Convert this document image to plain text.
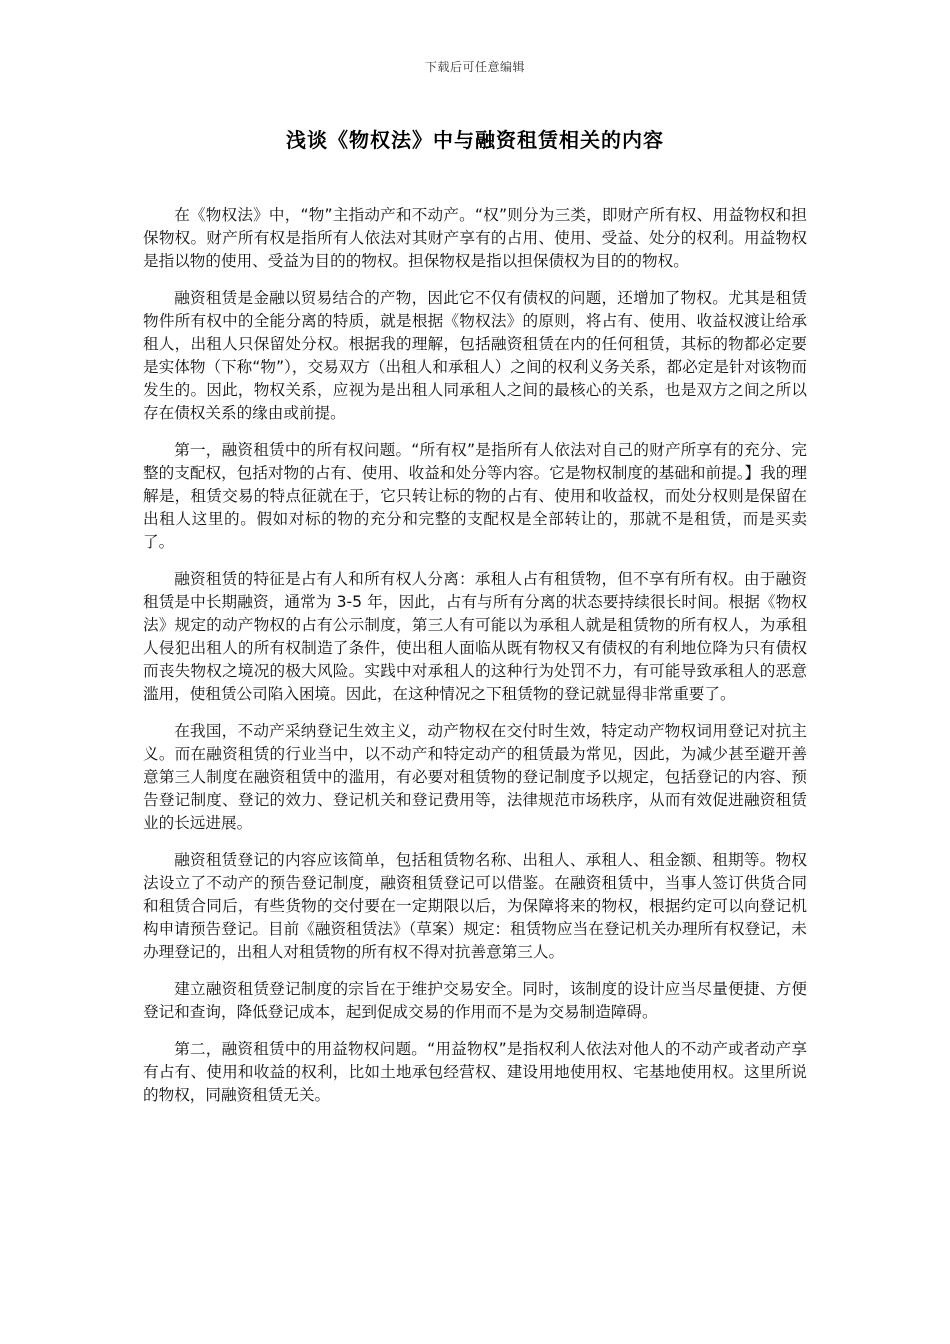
下载后可任意编辑
浅谈《物权法》中与融资租赁相关的内容

在《物权法》中，“物”主指动产和不动产。“权”则分为三类，即财产所有权、用益物权和担保物权。财产所有权是指所有人依法对其财产享有的占用、使用、受益、处分的权利。用益物权是指以物的使用、受益为目的的物权。担保物权是指以担保债权为目的的物权。

融资租赁是金融以贸易结合的产物，因此它不仅有债权的问题，还增加了物权。尤其是租赁物件所有权中的全能分离的特质，就是根据《物权法》的原则，将占有、使用、收益权渡让给承租人，出租人只保留处分权。根据我的理解，包括融资租赁在内的任何租赁，其标的物都必定要是实体物（下称“物”），交易双方（出租人和承租人）之间的权利义务关系，都必定是针对该物而发生的。因此，物权关系，应视为是出租人同承租人之间的最核心的关系，也是双方之间之所以存在债权关系的缘由或前提。

第一，融资租赁中的所有权问题。“所有权”是指所有人依法对自己的财产所享有的充分、完整的支配权，包括对物的占有、使用、收益和处分等内容。它是物权制度的基础和前提。】我的理解是，租赁交易的特点征就在于，它只转让标的物的占有、使用和收益权，而处分权则是保留在出租人这里的。假如对标的物的充分和完整的支配权是全部转让的，那就不是租赁，而是买卖了。

融资租赁的特征是占有人和所有权人分离：承租人占有租赁物，但不享有所有权。由于融资租赁是中长期融资，通常为 3-5 年，因此，占有与所有分离的状态要持续很长时间。根据《物权法》规定的动产物权的占有公示制度，第三人有可能以为承租人就是租赁物的所有权人，为承租人侵犯出租人的所有权制造了条件，使出租人面临从既有物权又有债权的有利地位降为只有债权而丧失物权之境况的极大风险。实践中对承租人的这种行为处罚不力，有可能导致承租人的恶意滥用，使租赁公司陷入困境。因此，在这种情况之下租赁物的登记就显得非常重要了。

在我国，不动产采纳登记生效主义，动产物权在交付时生效，特定动产物权词用登记对抗主义。而在融资租赁的行业当中，以不动产和特定动产的租赁最为常见，因此，为减少甚至避开善意第三人制度在融资租赁中的滥用，有必要对租赁物的登记制度予以规定，包括登记的内容、预告登记制度、登记的效力、登记机关和登记费用等，法律规范市场秩序，从而有效促进融资租赁业的长远进展。

融资租赁登记的内容应该简单，包括租赁物名称、出租人、承租人、租金额、租期等。物权法设立了不动产的预告登记制度，融资租赁登记可以借鉴。在融资租赁中，当事人签订供货合同和租赁合同后，有些货物的交付要在一定期限以后，为保障将来的物权，根据约定可以向登记机构申请预告登记。目前《融资租赁法》（草案）规定：租赁物应当在登记机关办理所有权登记，未办理登记的，出租人对租赁物的所有权不得对抗善意第三人。

建立融资租赁登记制度的宗旨在于维护交易安全。同时，该制度的设计应当尽量便捷、方便登记和查询，降低登记成本，起到促成交易的作用而不是为交易制造障碍。

第二，融资租赁中的用益物权问题。“用益物权”是指权利人依法对他人的不动产或者动产享有占有、使用和收益的权利，比如土地承包经营权、建设用地使用权、宅基地使用权。这里所说的物权，同融资租赁无关。
